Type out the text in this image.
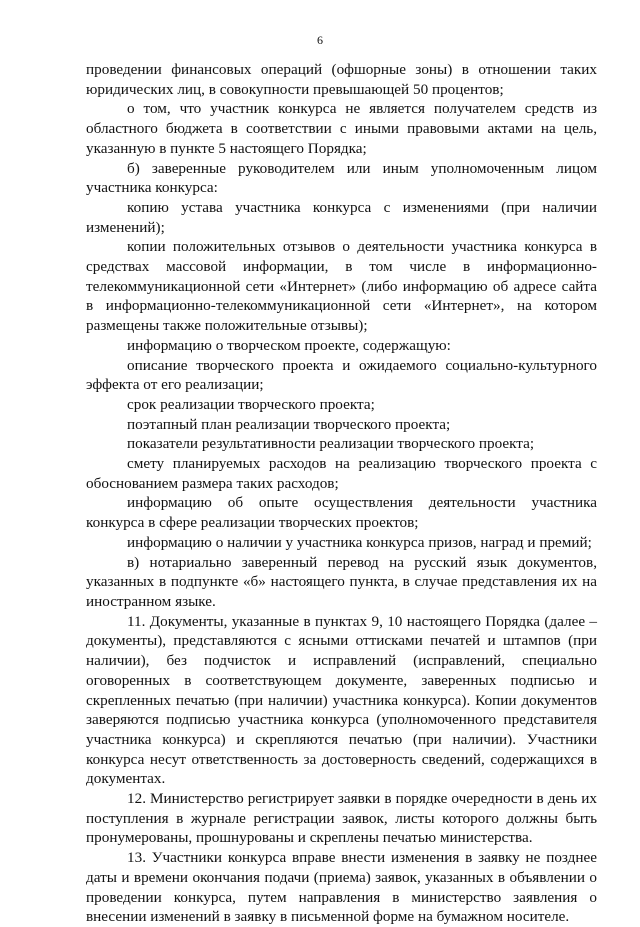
6

проведении финансовых операций (офшорные зоны) в отношении таких юридических лиц, в совокупности превышающей 50 процентов;

о том, что участник конкурса не является получателем средств из областного бюджета в соответствии с иными правовыми актами на цель, указанную в пункте 5 настоящего Порядка;

б) заверенные руководителем или иным уполномоченным лицом участника конкурса:

копию устава участника конкурса с изменениями (при наличии изменений);

копии положительных отзывов о деятельности участника конкурса в средствах массовой информации, в том числе в информационно-телекоммуникационной сети «Интернет» (либо информацию об адресе сайта в информационно-телекоммуникационной сети «Интернет», на котором размещены также положительные отзывы);

информацию о творческом проекте, содержащую:

описание творческого проекта и ожидаемого социально-культурного эффекта от его реализации;

срок реализации творческого проекта;

поэтапный план реализации творческого проекта;

показатели результативности реализации творческого проекта;

смету планируемых расходов на реализацию творческого проекта с обоснованием размера таких расходов;

информацию об опыте осуществления деятельности участника конкурса в сфере реализации творческих проектов;

информацию о наличии у участника конкурса призов, наград и премий;

в) нотариально заверенный перевод на русский язык документов, указанных в подпункте «б» настоящего пункта, в случае представления их на иностранном языке.

11. Документы, указанные в пунктах 9, 10 настоящего Порядка (далее – документы), представляются с ясными оттисками печатей и штампов (при наличии), без подчисток и исправлений (исправлений, специально оговоренных в соответствующем документе, заверенных подписью и скрепленных печатью (при наличии) участника конкурса). Копии документов заверяются подписью участника конкурса (уполномоченного представителя участника конкурса) и скрепляются печатью (при наличии). Участники конкурса несут ответственность за достоверность сведений, содержащихся в документах.

12. Министерство регистрирует заявки в порядке очередности в день их поступления в журнале регистрации заявок, листы которого должны быть пронумерованы, прошнурованы и скреплены печатью министерства.

13. Участники конкурса вправе внести изменения в заявку не позднее даты и времени окончания подачи (приема) заявок, указанных в объявлении о проведении конкурса, путем направления в министерство заявления о внесении изменений в заявку в письменной форме на бумажном носителе.
